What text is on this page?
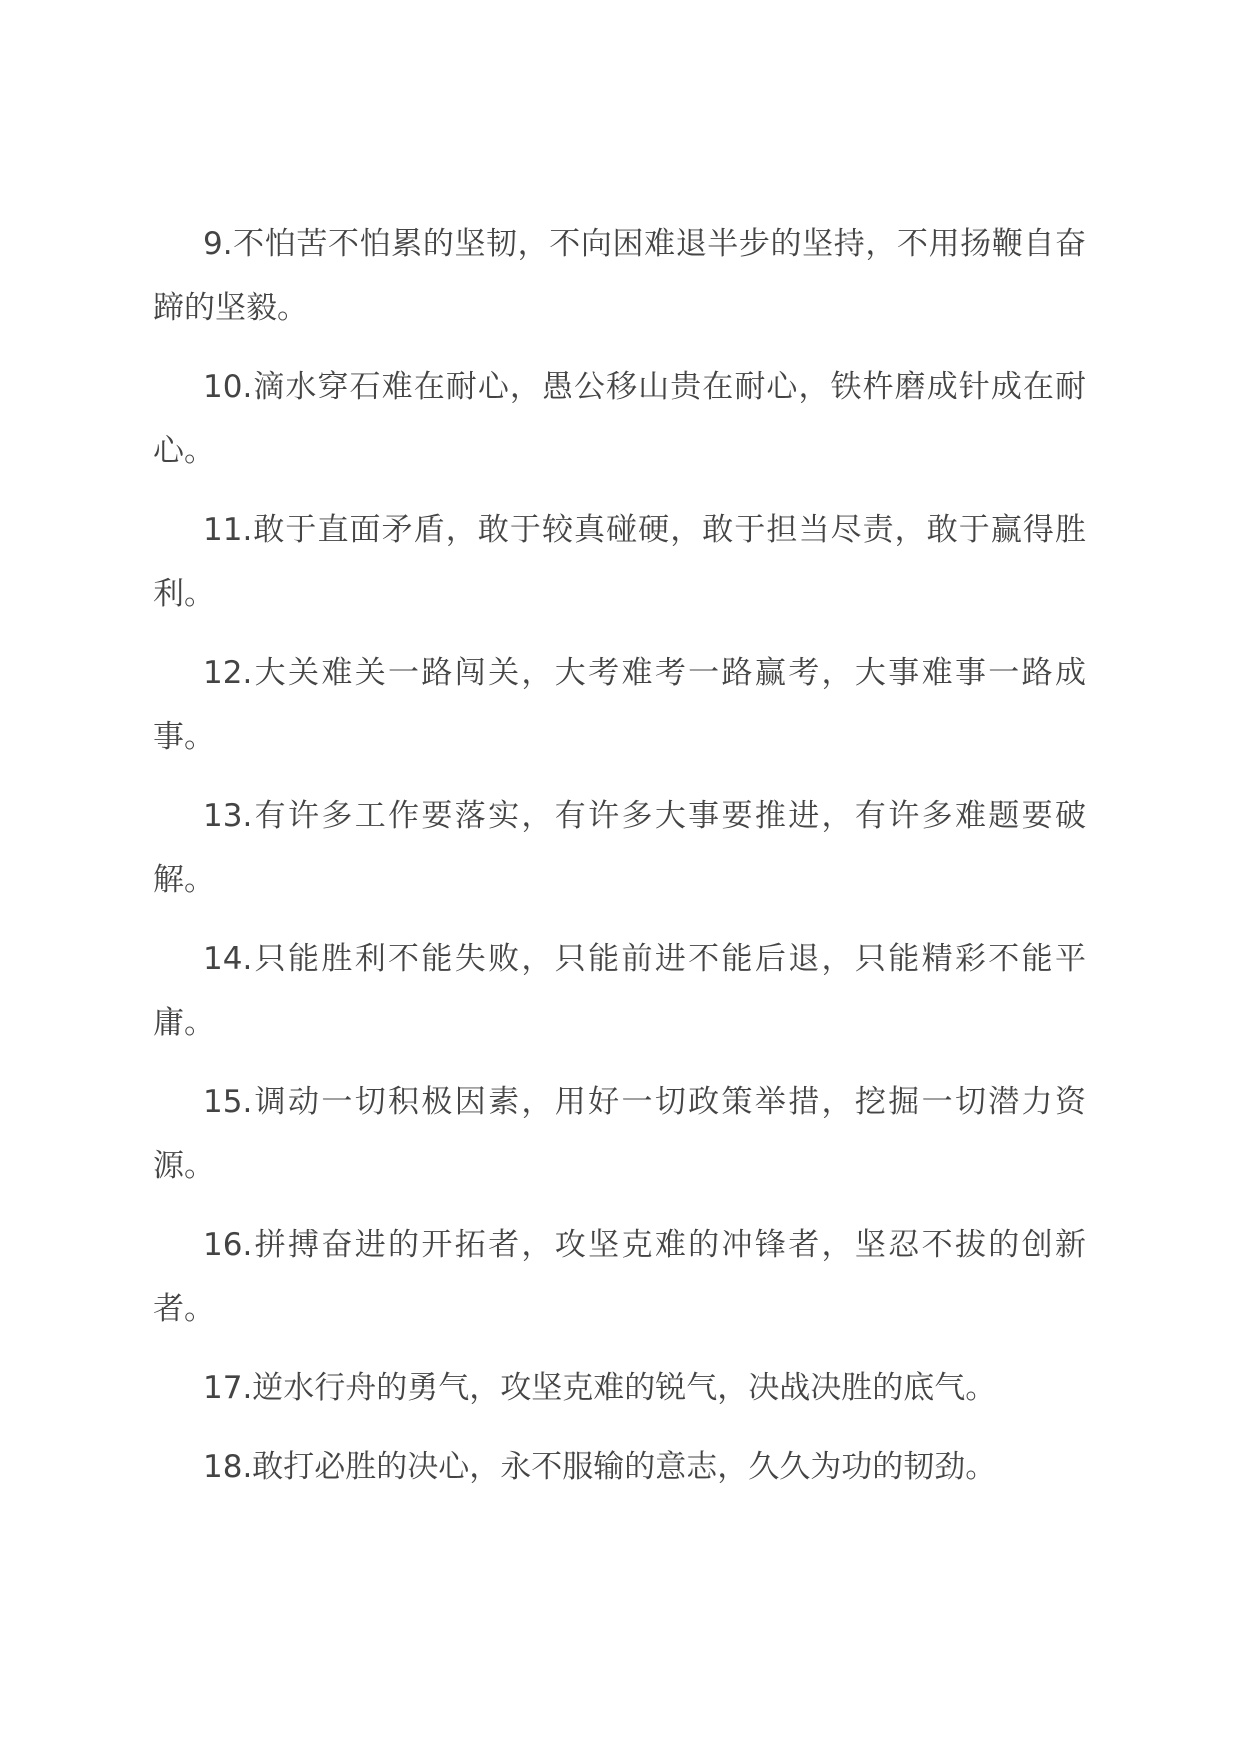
9.不怕苦不怕累的坚韧，不向困难退半步的坚持，不用扬鞭自奋蹄的坚毅。

10.滴水穿石难在耐心，愚公移山贵在耐心，铁杵磨成针成在耐心。

11.敢于直面矛盾，敢于较真碰硬，敢于担当尽责，敢于赢得胜利。

12.大关难关一路闯关，大考难考一路赢考，大事难事一路成事。

13.有许多工作要落实，有许多大事要推进，有许多难题要破解。

14.只能胜利不能失败，只能前进不能后退，只能精彩不能平庸。

15.调动一切积极因素，用好一切政策举措，挖掘一切潜力资源。

16.拼搏奋进的开拓者，攻坚克难的冲锋者，坚忍不拔的创新者。

17.逆水行舟的勇气，攻坚克难的锐气，决战决胜的底气。

18.敢打必胜的决心，永不服输的意志，久久为功的韧劲。
